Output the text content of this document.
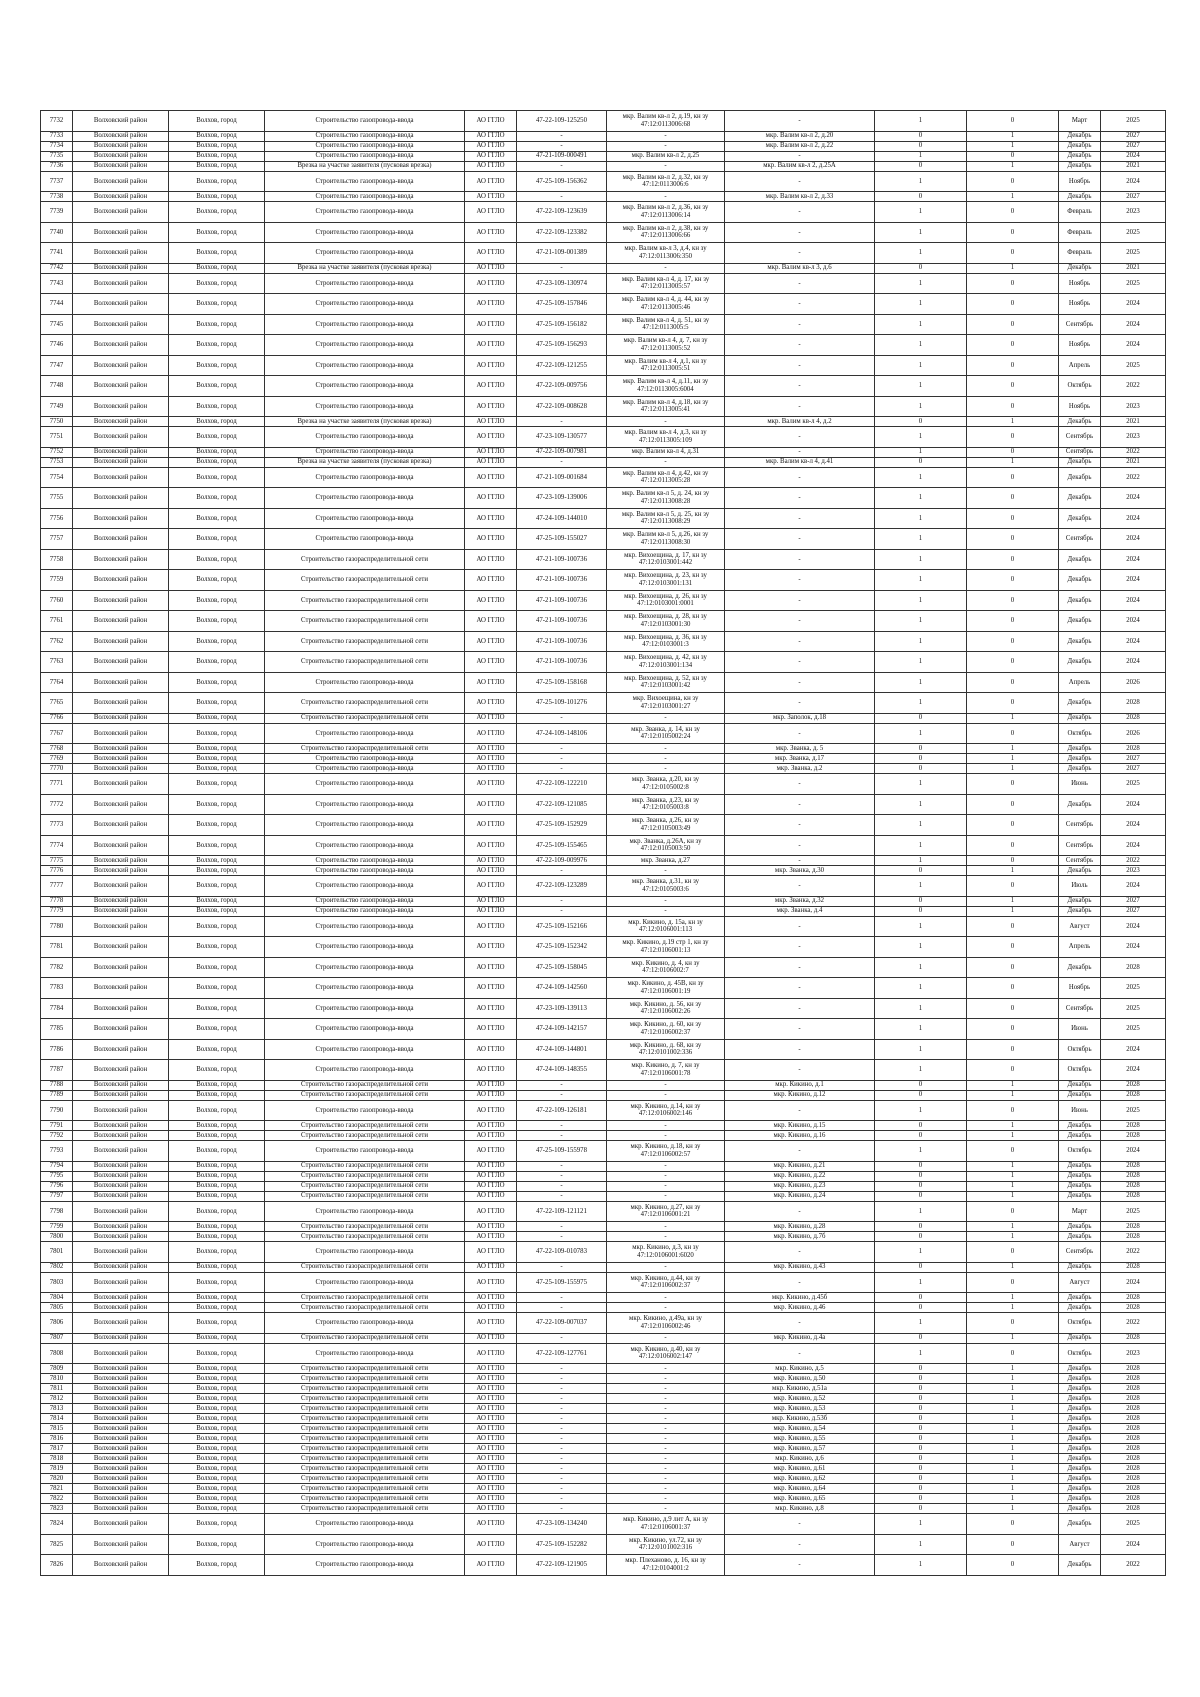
7732	Волховский район	Волхов, город	Строительство газопровода-ввода	АО ГГЛО	47-22-109-125250	мкр. Валим кв-л 2, д.19, кн зу 47:12:0113006:68	-	1	0	Март	2025
7733	Волховский район	Волхов, город	Строительство газопровода-ввода	АО ГГЛО	-	-	мкр. Валим кв-л 2, д.20	0	1	Декабрь	2027
7734	Волховский район	Волхов, город	Строительство газопровода-ввода	АО ГГЛО	-	-	мкр. Валим кв-л 2, д.22	0	1	Декабрь	2027
7735	Волховский район	Волхов, город	Строительство газопровода-ввода	АО ГГЛО	47-21-109-000491	мкр. Валим кв-л 2, д.25	-	1	0	Декабрь	2024
7736	Волховский район	Волхов, город	Врезка на участке заявителя (пусковая врезка)	АО ГГЛО	-	-	мкр. Валим кв-л 2, д.25А	0	1	Декабрь	2021
7737	Волховский район	Волхов, город	Строительство газопровода-ввода	АО ГГЛО	47-25-109-156362	мкр. Валим кв-л 2, д.32, кн зу 47:12:0113006:6	-	1	0	Ноябрь	2024
7738	Волховский район	Волхов, город	Строительство газопровода-ввода	АО ГГЛО	-	-	мкр. Валим кв-л 2, д.33	0	1	Декабрь	2027
7739	Волховский район	Волхов, город	Строительство газопровода-ввода	АО ГГЛО	47-22-109-123639	мкр. Валим кв-л 2, д.36, кн зу 47:12:0113006:14	-	1	0	Февраль	2023
7740	Волховский район	Волхов, город	Строительство газопровода-ввода	АО ГГЛО	47-22-109-123382	мкр. Валим кв-л 2, д.38, кн зу 47:12:0113006:66	-	1	0	Февраль	2025
7741	Волховский район	Волхов, город	Строительство газопровода-ввода	АО ГГЛО	47-21-109-001389	мкр. Валим кв-л 3, д.4, кн зу 47:12:0113006:350	-	1	0	Февраль	2025
7742	Волховский район	Волхов, город	Врезка на участке заявителя (пусковая врезка)	АО ГГЛО	-	-	мкр. Валим кв-л 3, д.6	0	1	Декабрь	2021
7743	Волховский район	Волхов, город	Строительство газопровода-ввода	АО ГГЛО	47-23-109-130974	мкр. Валим кв-л 4, д. 17, кн зу 47:12:0113005:57	-	1	0	Ноябрь	2025
7744	Волховский район	Волхов, город	Строительство газопровода-ввода	АО ГГЛО	47-25-109-157846	мкр. Валим кв-л 4, д. 44, кн зу 47:12:0113005:46	-	1	0	Ноябрь	2024
7745	Волховский район	Волхов, город	Строительство газопровода-ввода	АО ГГЛО	47-25-109-156182	мкр. Валим кв-л 4, д. 51, кн зу 47:12:0113005:5	-	1	0	Сентябрь	2024
7746	Волховский район	Волхов, город	Строительство газопровода-ввода	АО ГГЛО	47-25-109-156293	мкр. Валим кв-л 4, д. 7, кн зу 47:12:0113005:52	-	1	0	Ноябрь	2024
7747	Волховский район	Волхов, город	Строительство газопровода-ввода	АО ГГЛО	47-22-109-121255	мкр. Валим кв-л 4, д.1, кн зу 47:12:0113005:51	-	1	0	Апрель	2025
7748	Волховский район	Волхов, город	Строительство газопровода-ввода	АО ГГЛО	47-22-109-009756	мкр. Валим кв-л 4, д.11, кн зу 47:12:0113005:6004	-	1	0	Октябрь	2022
7749	Волховский район	Волхов, город	Строительство газопровода-ввода	АО ГГЛО	47-22-109-008628	мкр. Валим кв-л 4, д.18, кн зу 47:12:0113005:41	-	1	0	Ноябрь	2023
7750	Волховский район	Волхов, город	Врезка на участке заявителя (пусковая врезка)	АО ГГЛО	-	-	мкр. Валим кв-л 4, д.2	0	1	Декабрь	2021
7751	Волховский район	Волхов, город	Строительство газопровода-ввода	АО ГГЛО	47-23-109-130577	мкр. Валим кв-л 4, д.3, кн зу 47:12:0113005:109	-	1	0	Сентябрь	2023
7752	Волховский район	Волхов, город	Строительство газопровода-ввода	АО ГГЛО	47-22-109-007981	мкр. Валим кв-л 4, д.31	-	1	0	Сентябрь	2022
7753	Волховский район	Волхов, город	Врезка на участке заявителя (пусковая врезка)	АО ГГЛО	-	-	мкр. Валим кв-л 4, д.41	0	1	Декабрь	2021
7754	Волховский район	Волхов, город	Строительство газопровода-ввода	АО ГГЛО	47-21-109-001684	мкр. Валим кв-л 4, д.42, кн зу 47:12:0113005:28	-	1	0	Декабрь	2022
7755	Волховский район	Волхов, город	Строительство газопровода-ввода	АО ГГЛО	47-23-109-139006	мкр. Валим кв-л 5, д. 24, кн зу 47:12:0113008:28	-	1	0	Декабрь	2024
7756	Волховский район	Волхов, город	Строительство газопровода-ввода	АО ГГЛО	47-24-109-144010	мкр. Валим кв-л 5, д. 25, кн зу 47:12:0113008:29	-	1	0	Декабрь	2024
7757	Волховский район	Волхов, город	Строительство газопровода-ввода	АО ГГЛО	47-25-109-155027	мкр. Валим кв-л 5, д.26, кн зу 47:12:0113008:30	-	1	0	Сентябрь	2024
7758	Волховский район	Волхов, город	Строительство газораспределительной сети	АО ГГЛО	47-21-109-100736	мкр. Вихоещина, д. 17, кн зу 47:12:0103001:442	-	1	0	Декабрь	2024
7759	Волховский район	Волхов, город	Строительство газораспределительной сети	АО ГГЛО	47-21-109-100736	мкр. Вихоещина, д. 23, кн зу 47:12:0103001:131	-	1	0	Декабрь	2024
7760	Волховский район	Волхов, город	Строительство газораспределительной сети	АО ГГЛО	47-21-109-100736	мкр. Вихоещина, д. 26, кн зу 47:12:0103001:0001	-	1	0	Декабрь	2024
7761	Волховский район	Волхов, город	Строительство газораспределительной сети	АО ГГЛО	47-21-109-100736	мкр. Вихоещина, д. 28, кн зу 47:12:0103001:30	-	1	0	Декабрь	2024
7762	Волховский район	Волхов, город	Строительство газораспределительной сети	АО ГГЛО	47-21-109-100736	мкр. Вихоещина, д. 36, кн зу 47:12:0103001:3	-	1	0	Декабрь	2024
7763	Волховский район	Волхов, город	Строительство газораспределительной сети	АО ГГЛО	47-21-109-100736	мкр. Вихоещина, д. 42, кн зу 47:12:0103001:134	-	1	0	Декабрь	2024
7764	Волховский район	Волхов, город	Строительство газопровода-ввода	АО ГГЛО	47-25-109-158168	мкр. Вихоещина, д. 52, кн зу 47:12:0103001:42	-	1	0	Апрель	2026
7765	Волховский район	Волхов, город	Строительство газораспределительной сети	АО ГГЛО	47-25-109-101276	мкр. Вихоещина, кн зу 47:12:0103001:27	-	1	0	Декабрь	2028
7766	Волховский район	Волхов, город	Строительство газораспределительной сети	АО ГГЛО	-	-	мкр. Заполок, д.18	0	1	Декабрь	2028
7767	Волховский район	Волхов, город	Строительство газопровода-ввода	АО ГГЛО	47-24-109-148106	мкр. Званка, д. 14, кн зу 47:12:0105002:24	-	1	0	Октябрь	2026
7768	Волховский район	Волхов, город	Строительство газораспределительной сети	АО ГГЛО	-	-	мкр. Званка, д. 5	0	1	Декабрь	2028
7769	Волховский район	Волхов, город	Строительство газопровода-ввода	АО ГГЛО	-	-	мкр. Званка, д.17	0	1	Декабрь	2027
7770	Волховский район	Волхов, город	Строительство газопровода-ввода	АО ГГЛО	-	-	мкр. Званка, д.2	0	1	Декабрь	2027
7771	Волховский район	Волхов, город	Строительство газопровода-ввода	АО ГГЛО	47-22-109-122210	мкр. Званка, д.20, кн зу 47:12:0105002:8	-	1	0	Июнь	2025
7772	Волховский район	Волхов, город	Строительство газопровода-ввода	АО ГГЛО	47-22-109-121085	мкр. Званка, д.23, кн зу 47:12:0105003:8	-	1	0	Декабрь	2024
7773	Волховский район	Волхов, город	Строительство газопровода-ввода	АО ГГЛО	47-25-109-152929	мкр. Званка, д.26, кн зу 47:12:0105003:49	-	1	0	Сентябрь	2024
7774	Волховский район	Волхов, город	Строительство газопровода-ввода	АО ГГЛО	47-25-109-155465	мкр. Званка, д.26А, кн зу 47:12:0105003:50	-	1	0	Сентябрь	2024
7775	Волховский район	Волхов, город	Строительство газопровода-ввода	АО ГГЛО	47-22-109-009976	мкр. Званка, д.27	-	1	0	Сентябрь	2022
7776	Волховский район	Волхов, город	Строительство газопровода-ввода	АО ГГЛО	-	-	мкр. Званка, д.30	0	1	Декабрь	2023
7777	Волховский район	Волхов, город	Строительство газопровода-ввода	АО ГГЛО	47-22-109-123289	мкр. Званка, д.31, кн зу 47:12:0105003:6	-	1	0	Июль	2024
7778	Волховский район	Волхов, город	Строительство газопровода-ввода	АО ГГЛО	-	-	мкр. Званка, д.32	0	1	Декабрь	2027
7779	Волховский район	Волхов, город	Строительство газопровода-ввода	АО ГГЛО	-	-	мкр. Званка, д.4	0	1	Декабрь	2027
7780	Волховский район	Волхов, город	Строительство газопровода-ввода	АО ГГЛО	47-25-109-152166	мкр. Кикино, д. 15а, кн зу 47:12:0106001:113	-	1	0	Август	2024
7781	Волховский район	Волхов, город	Строительство газопровода-ввода	АО ГГЛО	47-25-109-152342	мкр. Кикино, д.19 стр 1, кн зу 47:12:0106001:13	-	1	0	Апрель	2024
7782	Волховский район	Волхов, город	Строительство газопровода-ввода	АО ГГЛО	47-25-109-158045	мкр. Кикино, д. 4, кн зу 47:12:0106002:7	-	1	0	Декабрь	2028
7783	Волховский район	Волхов, город	Строительство газопровода-ввода	АО ГГЛО	47-24-109-142560	мкр. Кикино, д. 45В, кн зу 47:12:0106001:19	-	1	0	Ноябрь	2025
7784	Волховский район	Волхов, город	Строительство газопровода-ввода	АО ГГЛО	47-23-109-139113	мкр. Кикино, д. 56, кн зу 47:12:0106002:26	-	1	0	Сентябрь	2025
7785	Волховский район	Волхов, город	Строительство газопровода-ввода	АО ГГЛО	47-24-109-142157	мкр. Кикино, д. 60, кн зу 47:12:0106002:37	-	1	0	Июнь	2025
7786	Волховский район	Волхов, город	Строительство газопровода-ввода	АО ГГЛО	47-24-109-144801	мкр. Кикино, д. 68, кн зу 47:12:0101002:336	-	1	0	Октябрь	2024
7787	Волховский район	Волхов, город	Строительство газопровода-ввода	АО ГГЛО	47-24-109-148355	мкр. Кикино, д. 7, кн зу 47:12:0106001:78	-	1	0	Октябрь	2024
7788	Волховский район	Волхов, город	Строительство газораспределительной сети	АО ГГЛО	-	-	мкр. Кикино, д.1	0	1	Декабрь	2028
7789	Волховский район	Волхов, город	Строительство газораспределительной сети	АО ГГЛО	-	-	мкр. Кикино, д.12	0	1	Декабрь	2028
7790	Волховский район	Волхов, город	Строительство газопровода-ввода	АО ГГЛО	47-22-109-126181	мкр. Кикино, д.14, кн зу 47:12:0106002:146	-	1	0	Июнь	2025
7791	Волховский район	Волхов, город	Строительство газораспределительной сети	АО ГГЛО	-	-	мкр. Кикино, д.15	0	1	Декабрь	2028
7792	Волховский район	Волхов, город	Строительство газораспределительной сети	АО ГГЛО	-	-	мкр. Кикино, д.16	0	1	Декабрь	2028
7793	Волховский район	Волхов, город	Строительство газопровода-ввода	АО ГГЛО	47-25-109-155978	мкр. Кикино, д.18, кн зу 47:12:0106002:57	-	1	0	Октябрь	2024
7794	Волховский район	Волхов, город	Строительство газораспределительной сети	АО ГГЛО	-	-	мкр. Кикино, д.21	0	1	Декабрь	2028
7795	Волховский район	Волхов, город	Строительство газораспределительной сети	АО ГГЛО	-	-	мкр. Кикино, д.22	0	1	Декабрь	2028
7796	Волховский район	Волхов, город	Строительство газораспределительной сети	АО ГГЛО	-	-	мкр. Кикино, д.23	0	1	Декабрь	2028
7797	Волховский район	Волхов, город	Строительство газораспределительной сети	АО ГГЛО	-	-	мкр. Кикино, д.24	0	1	Декабрь	2028
7798	Волховский район	Волхов, город	Строительство газопровода-ввода	АО ГГЛО	47-22-109-121121	мкр. Кикино, д.27, кн зу 47:12:0106001:21	-	1	0	Март	2025
7799	Волховский район	Волхов, город	Строительство газораспределительной сети	АО ГГЛО	-	-	мкр. Кикино, д.28	0	1	Декабрь	2028
7800	Волховский район	Волхов, город	Строительство газораспределительной сети	АО ГГЛО	-	-	мкр. Кикино, д.7б	0	1	Декабрь	2028
7801	Волховский район	Волхов, город	Строительство газопровода-ввода	АО ГГЛО	47-22-109-010783	мкр. Кикино, д.3, кн зу 47:12:0106001:6020	-	1	0	Сентябрь	2022
7802	Волховский район	Волхов, город	Строительство газораспределительной сети	АО ГГЛО	-	-	мкр. Кикино, д.43	0	1	Декабрь	2028
7803	Волховский район	Волхов, город	Строительство газопровода-ввода	АО ГГЛО	47-25-109-155975	мкр. Кикино, д.44, кн зу 47:12:0106002:37	-	1	0	Август	2024
7804	Волховский район	Волхов, город	Строительство газораспределительной сети	АО ГГЛО	-	-	мкр. Кикино, д.45б	0	1	Декабрь	2028
7805	Волховский район	Волхов, город	Строительство газораспределительной сети	АО ГГЛО	-	-	мкр. Кикино, д.46	0	1	Декабрь	2028
7806	Волховский район	Волхов, город	Строительство газопровода-ввода	АО ГГЛО	47-22-109-007037	мкр. Кикино, д.49а, кн зу 47:12:0106002:46	-	1	0	Октябрь	2022
7807	Волховский район	Волхов, город	Строительство газораспределительной сети	АО ГГЛО	-	-	мкр. Кикино, д.4а	0	1	Декабрь	2028
7808	Волховский район	Волхов, город	Строительство газопровода-ввода	АО ГГЛО	47-22-109-127761	мкр. Кикино, д.40, кн зу 47:12:0106002:147	-	1	0	Октябрь	2023
7809	Волховский район	Волхов, город	Строительство газораспределительной сети	АО ГГЛО	-	-	мкр. Кикино, д.5	0	1	Декабрь	2028
7810	Волховский район	Волхов, город	Строительство газораспределительной сети	АО ГГЛО	-	-	мкр. Кикино, д.50	0	1	Декабрь	2028
7811	Волховский район	Волхов, город	Строительство газораспределительной сети	АО ГГЛО	-	-	мкр. Кикино, д.51а	0	1	Декабрь	2028
7812	Волховский район	Волхов, город	Строительство газораспределительной сети	АО ГГЛО	-	-	мкр. Кикино, д.52	0	1	Декабрь	2028
7813	Волховский район	Волхов, город	Строительство газораспределительной сети	АО ГГЛО	-	-	мкр. Кикино, д.53	0	1	Декабрь	2028
7814	Волховский район	Волхов, город	Строительство газораспределительной сети	АО ГГЛО	-	-	мкр. Кикино, д.53б	0	1	Декабрь	2028
7815	Волховский район	Волхов, город	Строительство газораспределительной сети	АО ГГЛО	-	-	мкр. Кикино, д.54	0	1	Декабрь	2028
7816	Волховский район	Волхов, город	Строительство газораспределительной сети	АО ГГЛО	-	-	мкр. Кикино, д.55	0	1	Декабрь	2028
7817	Волховский район	Волхов, город	Строительство газораспределительной сети	АО ГГЛО	-	-	мкр. Кикино, д.57	0	1	Декабрь	2028
7818	Волховский район	Волхов, город	Строительство газораспределительной сети	АО ГГЛО	-	-	мкр. Кикино, д.6	0	1	Декабрь	2028
7819	Волховский район	Волхов, город	Строительство газораспределительной сети	АО ГГЛО	-	-	мкр. Кикино, д.61	0	1	Декабрь	2028
7820	Волховский район	Волхов, город	Строительство газораспределительной сети	АО ГГЛО	-	-	мкр. Кикино, д.62	0	1	Декабрь	2028
7821	Волховский район	Волхов, город	Строительство газораспределительной сети	АО ГГЛО	-	-	мкр. Кикино, д.64	0	1	Декабрь	2028
7822	Волховский район	Волхов, город	Строительство газораспределительной сети	АО ГГЛО	-	-	мкр. Кикино, д.65	0	1	Декабрь	2028
7823	Волховский район	Волхов, город	Строительство газораспределительной сети	АО ГГЛО	-	-	мкр. Кикино, д.8	0	1	Декабрь	2028
7824	Волховский район	Волхов, город	Строительство газопровода-ввода	АО ГГЛО	47-23-109-134240	мкр. Кикино, д.9 лит А, кн зу 47:12:0106001:37	-	1	0	Декабрь	2025
7825	Волховский район	Волхов, город	Строительство газопровода-ввода	АО ГГЛО	47-25-109-152282	мкр. Кикино, ул.72, кн зу 47:12:0101002:316	-	1	0	Август	2024
7826	Волховский район	Волхов, город	Строительство газопровода-ввода	АО ГГЛО	47-22-109-121905	мкр. Плеханово, д. 16, кн зу 47:12:0104001:2	-	1	0	Декабрь	2022
